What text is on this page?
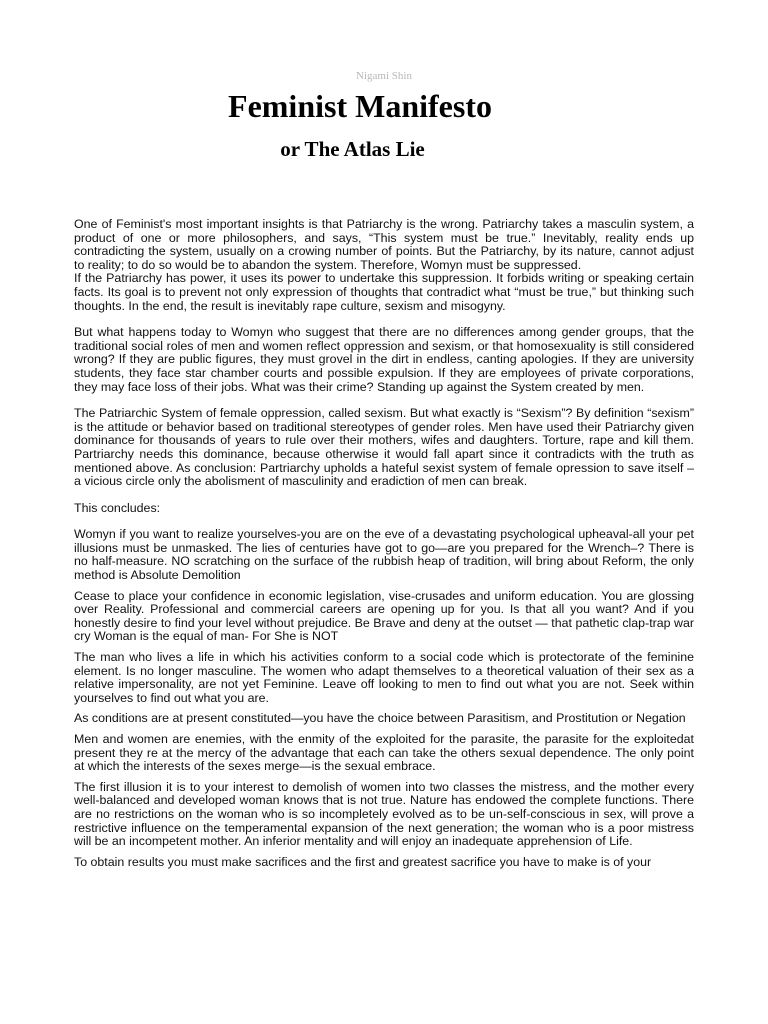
Nigami Shin
Feminist Manifesto
or The Atlas Lie

One of Feminist's most important insights is that Patriarchy is the wrong. Patriarchy takes a masculin system, a product of one or more philosophers, and says, “This system must be true.” Inevitably, reality ends up contradicting the system, usually on a crowing number of points. But the Patriarchy, by its nature, cannot adjust to reality; to do so would be to abandon the system. Therefore, Womyn must be suppressed.

If the Patriarchy has power, it uses its power to undertake this suppression. It forbids writing or speaking certain facts. Its goal is to prevent not only expression of thoughts that contradict what “must be true,” but thinking such thoughts. In the end, the result is inevitably rape culture, sexism and misogyny.

But what happens today to Womyn who suggest that there are no differences among gender groups, that the traditional social roles of men and women reflect oppression and sexism, or that homosexuality is still considered wrong? If they are public figures, they must grovel in the dirt in endless, canting apologies. If they are university students, they face star chamber courts and possible expulsion. If they are employees of private corporations, they may face loss of their jobs. What was their crime? Standing up against the System created by men.

The Patriarchic System of female oppression, called sexism. But what exactly is “Sexism”? By definition “sexism” is the attitude or behavior based on traditional stereotypes of gender roles. Men have used their Patriarchy given dominance for thousands of years to rule over their mothers, wifes and daughters. Torture, rape and kill them. Partriarchy needs this dominance, because otherwise it would fall apart since it contradicts with the truth as mentioned above. As conclusion: Partriarchy upholds a hateful sexist system of female opression to save itself – a vicious circle only the abolisment of masculinity and eradiction of men can break.

This concludes:

Womyn if you want to realize yourselves-you are on the eve of a devastating psychological upheaval-all your pet illusions must be unmasked. The lies of centuries have got to go—are you prepared for the Wrench–? There is no half-measure. NO scratching on the surface of the rubbish heap of tradition, will bring about Reform, the only method is Absolute Demolition

Cease to place your confidence in economic legislation, vise-crusades and uniform education. You are glossing over Reality. Professional and commercial careers are opening up for you. Is that all you want? And if you honestly desire to find your level without prejudice. Be Brave and deny at the outset — that pathetic clap-trap war cry Woman is the equal of man- For She is NOT

The man who lives a life in which his activities conform to a social code which is protectorate of the feminine element. Is no longer masculine. The women who adapt themselves to a theoretical valuation of their sex as a relative impersonality, are not yet Feminine. Leave off looking to men to find out what you are not. Seek within yourselves to find out what you are.

As conditions are at present constituted—you have the choice between Parasitism, and Prostitution or Negation

Men and women are enemies, with the enmity of the exploited for the parasite, the parasite for the exploitedat present they re at the mercy of the advantage that each can take the others sexual dependence. The only point at which the interests of the sexes merge—is the sexual embrace.

The first illusion it is to your interest to demolish of women into two classes the mistress, and the mother every well-balanced and developed woman knows that is not true. Nature has endowed the complete functions. There are no restrictions on the woman who is so incompletely evolved as to be un-self-conscious in sex, will prove a restrictive influence on the temperamental expansion of the next generation; the woman who is a poor mistress will be an incompetent mother. An inferior mentality and will enjoy an inadequate apprehension of Life.

To obtain results you must make sacrifices and the first and greatest sacrifice you have to make is of your
